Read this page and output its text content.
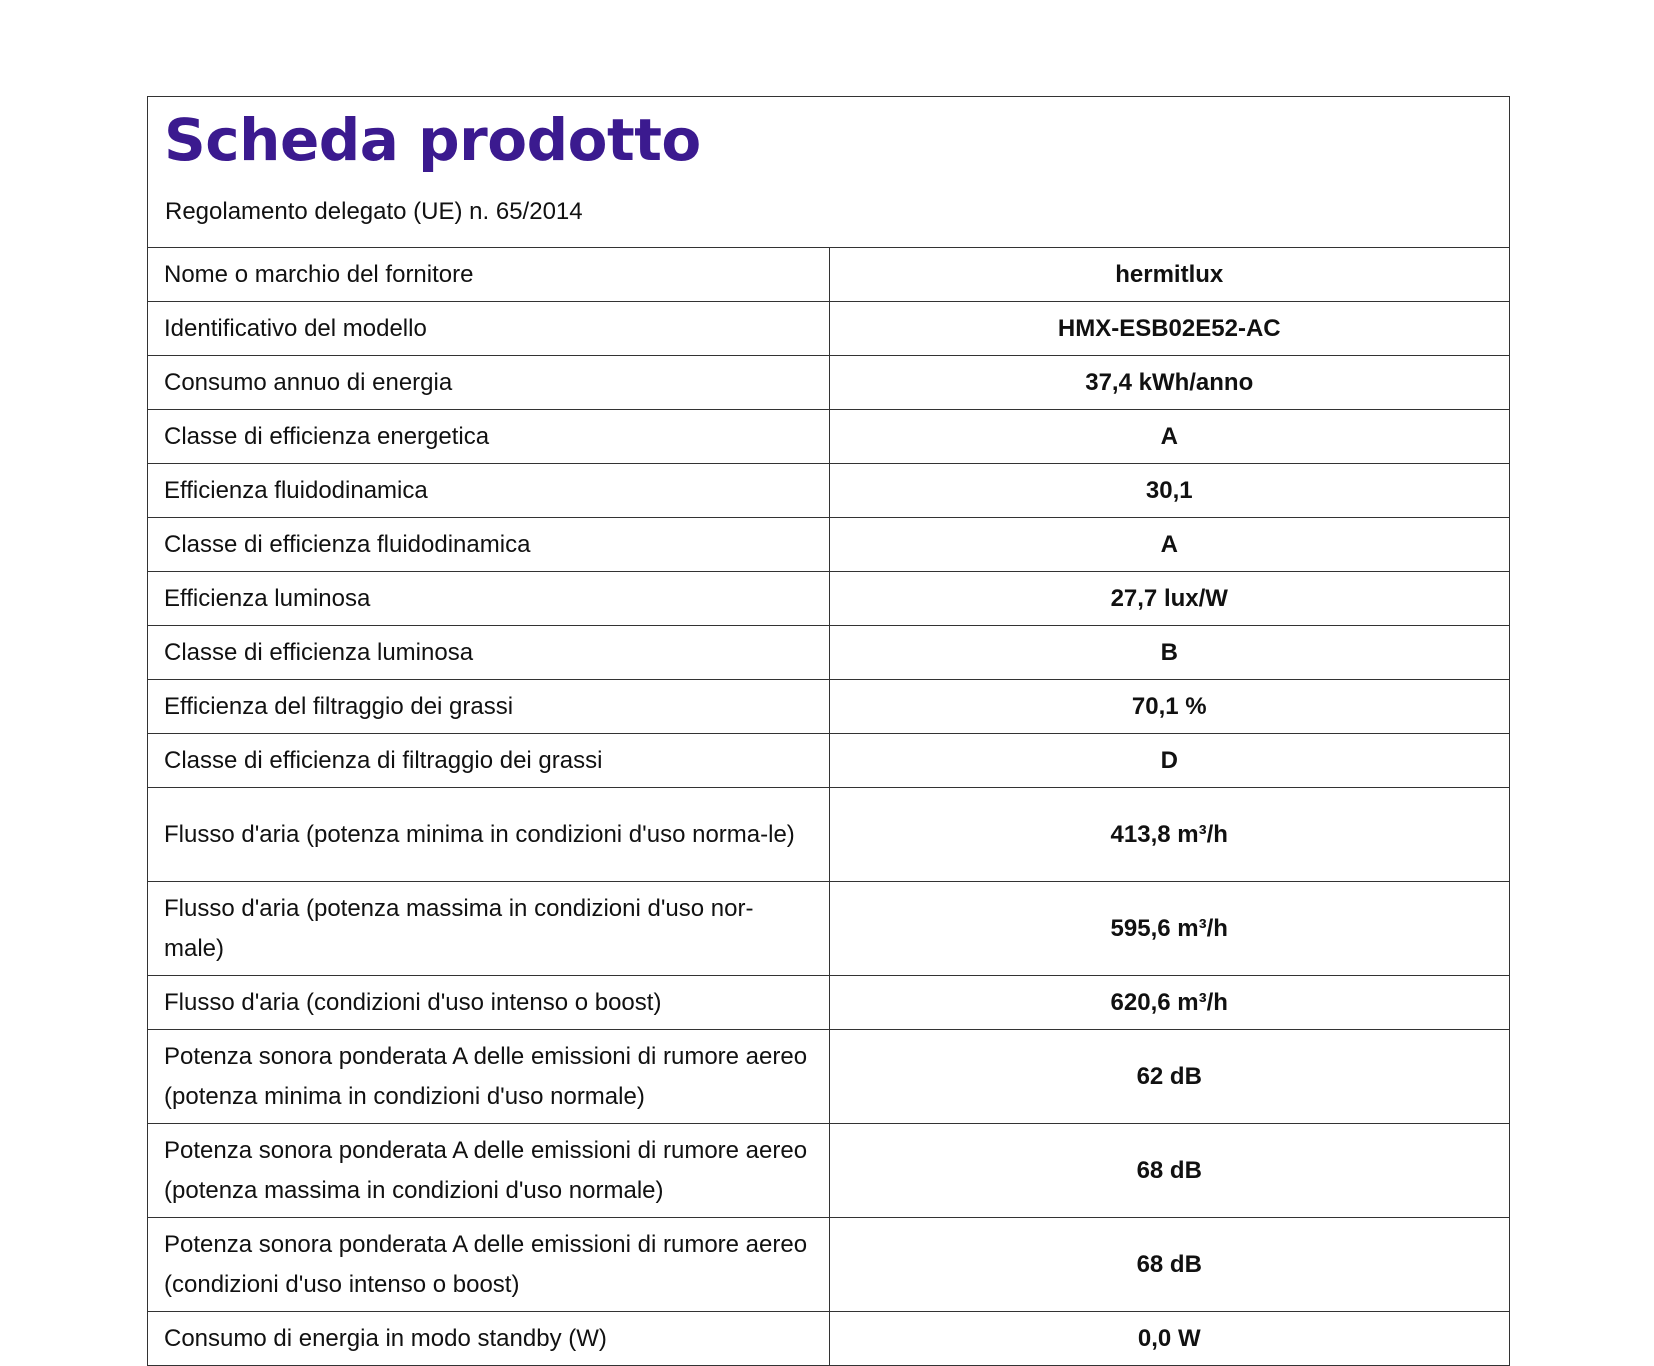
Scheda prodotto
Regolamento delegato (UE) n. 65/2014
Nome o marchio del fornitore	hermitlux
Identificativo del modello	HMX-ESB02E52-AC
Consumo annuo di energia	37,4 kWh/anno
Classe di efficienza energetica	A
Efficienza fluidodinamica	30,1
Classe di efficienza fluidodinamica	A
Efficienza luminosa	27,7 lux/W
Classe di efficienza luminosa	B
Efficienza del filtraggio dei grassi	70,1 %
Classe di efficienza di filtraggio dei grassi	D
Flusso d'aria (potenza minima in condizioni d'uso norma-le)	413,8 m³/h
Flusso d'aria (potenza massima in condizioni d'uso nor-male)	595,6 m³/h
Flusso d'aria (condizioni d'uso intenso o boost)	620,6 m³/h
Potenza sonora ponderata A delle emissioni di rumore aereo (potenza minima in condizioni d'uso normale)	62 dB
Potenza sonora ponderata A delle emissioni di rumore aereo (potenza massima in condizioni d'uso normale)	68 dB
Potenza sonora ponderata A delle emissioni di rumore aereo (condizioni d'uso intenso o boost)	68 dB
Consumo di energia in modo standby (W)	0,0 W
